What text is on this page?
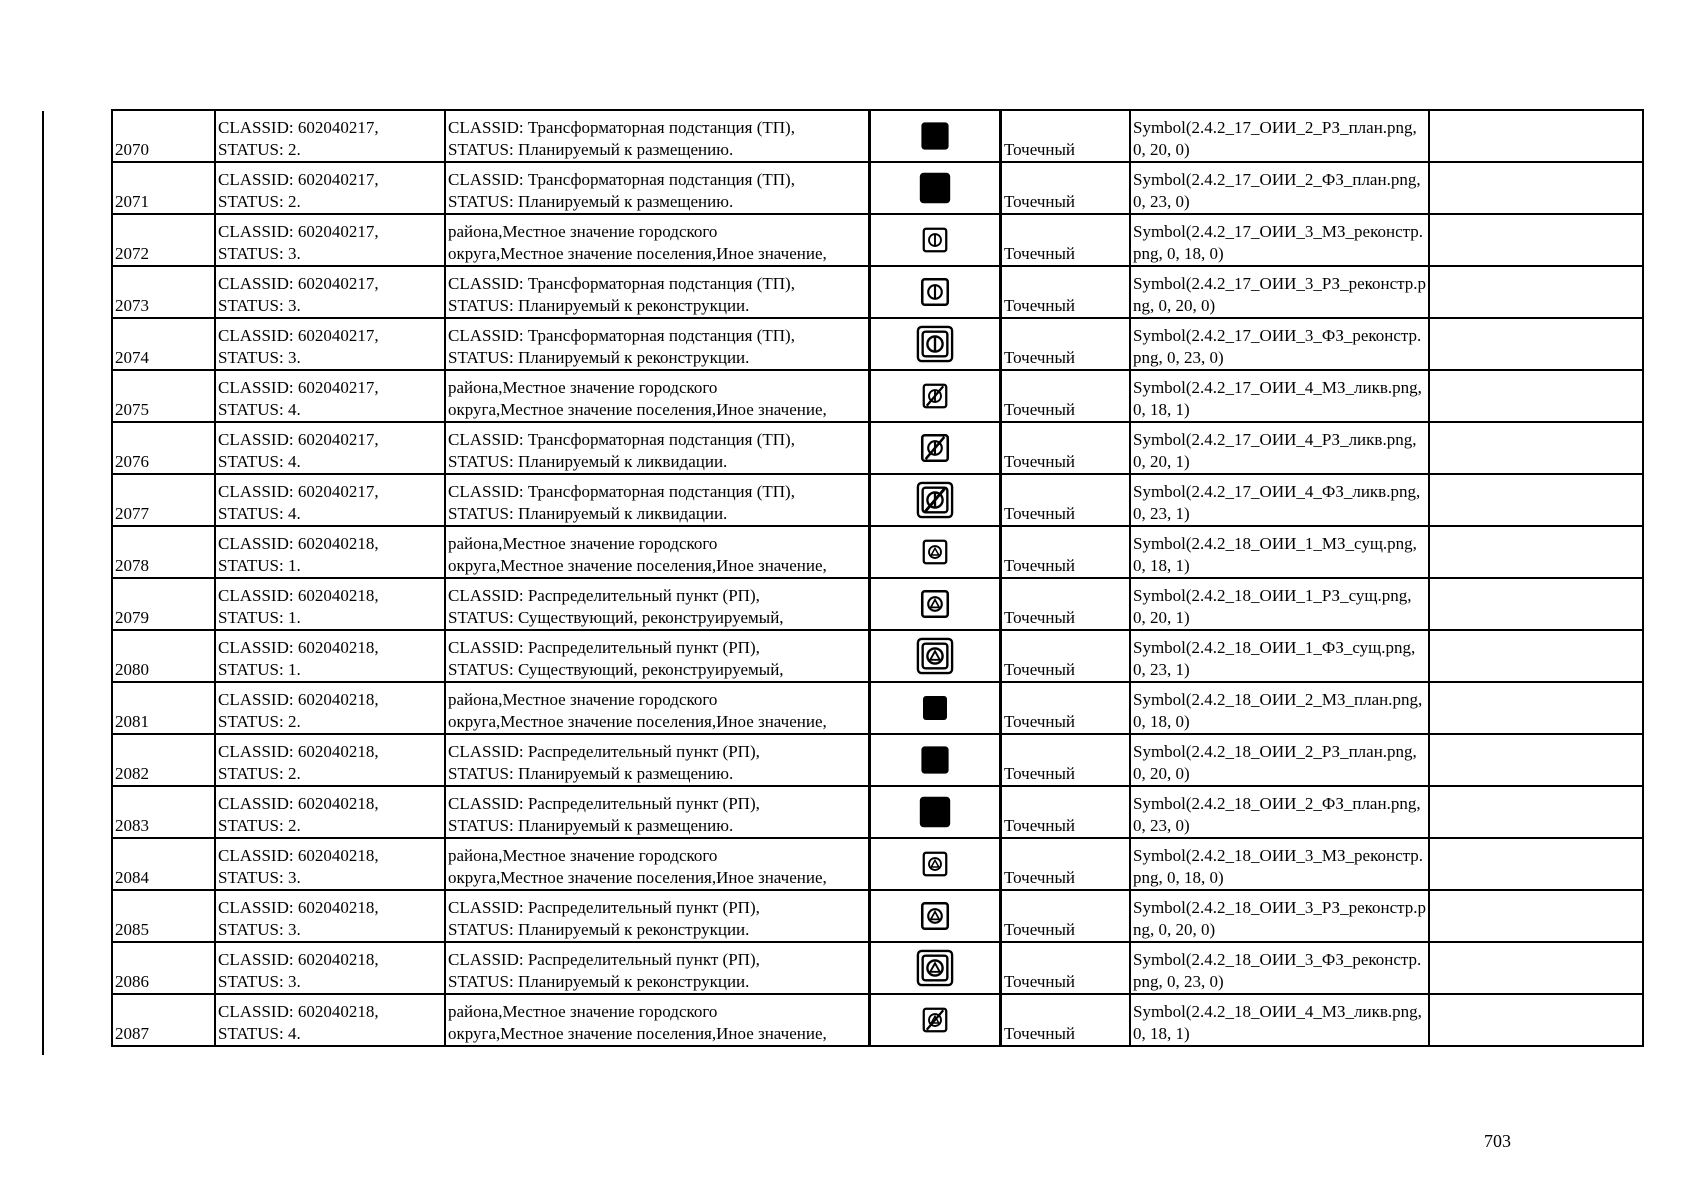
2070	CLASSID: 602040217,
STATUS: 2.	CLASSID: Трансформаторная подстанция (ТП),
STATUS: Планируемый к размещению.		Точечный	Symbol(2.4.2_17_ОИИ_2_РЗ_план.png, 0, 20, 0)	

2071	CLASSID: 602040217,
STATUS: 2.	CLASSID: Трансформаторная подстанция (ТП),
STATUS: Планируемый к размещению.		Точечный	Symbol(2.4.2_17_ОИИ_2_ФЗ_план.png, 0, 23, 0)	

2072	CLASSID: 602040217,
STATUS: 3.	района,Местное значение городского
округа,Местное значение поселения,Иное значение,		Точечный	Symbol(2.4.2_17_ОИИ_3_МЗ_реконстр.png, 0, 18, 0)	

2073	CLASSID: 602040217,
STATUS: 3.	CLASSID: Трансформаторная подстанция (ТП),
STATUS: Планируемый к реконструкции.		Точечный	Symbol(2.4.2_17_ОИИ_3_РЗ_реконстр.png, 0, 20, 0)	

2074	CLASSID: 602040217,
STATUS: 3.	CLASSID: Трансформаторная подстанция (ТП),
STATUS: Планируемый к реконструкции.		Точечный	Symbol(2.4.2_17_ОИИ_3_ФЗ_реконстр.png, 0, 23, 0)	

2075	CLASSID: 602040217,
STATUS: 4.	района,Местное значение городского
округа,Местное значение поселения,Иное значение,		Точечный	Symbol(2.4.2_17_ОИИ_4_МЗ_ликв.png, 0, 18, 1)	

2076	CLASSID: 602040217,
STATUS: 4.	CLASSID: Трансформаторная подстанция (ТП),
STATUS: Планируемый к ликвидации.		Точечный	Symbol(2.4.2_17_ОИИ_4_РЗ_ликв.png, 0, 20, 1)	

2077	CLASSID: 602040217,
STATUS: 4.	CLASSID: Трансформаторная подстанция (ТП),
STATUS: Планируемый к ликвидации.		Точечный	Symbol(2.4.2_17_ОИИ_4_ФЗ_ликв.png, 0, 23, 1)	

2078	CLASSID: 602040218,
STATUS: 1.	района,Местное значение городского
округа,Местное значение поселения,Иное значение,		Точечный	Symbol(2.4.2_18_ОИИ_1_МЗ_сущ.png, 0, 18, 1)	

2079	CLASSID: 602040218,
STATUS: 1.	CLASSID: Распределительный пункт (РП),
STATUS: Существующий, реконструируемый,		Точечный	Symbol(2.4.2_18_ОИИ_1_РЗ_сущ.png, 0, 20, 1)	

2080	CLASSID: 602040218,
STATUS: 1.	CLASSID: Распределительный пункт (РП),
STATUS: Существующий, реконструируемый,		Точечный	Symbol(2.4.2_18_ОИИ_1_ФЗ_сущ.png, 0, 23, 1)	

2081	CLASSID: 602040218,
STATUS: 2.	района,Местное значение городского
округа,Местное значение поселения,Иное значение,		Точечный	Symbol(2.4.2_18_ОИИ_2_МЗ_план.png, 0, 18, 0)	

2082	CLASSID: 602040218,
STATUS: 2.	CLASSID: Распределительный пункт (РП),
STATUS: Планируемый к размещению.		Точечный	Symbol(2.4.2_18_ОИИ_2_РЗ_план.png, 0, 20, 0)	

2083	CLASSID: 602040218,
STATUS: 2.	CLASSID: Распределительный пункт (РП),
STATUS: Планируемый к размещению.		Точечный	Symbol(2.4.2_18_ОИИ_2_ФЗ_план.png, 0, 23, 0)	

2084	CLASSID: 602040218,
STATUS: 3.	района,Местное значение городского
округа,Местное значение поселения,Иное значение,		Точечный	Symbol(2.4.2_18_ОИИ_3_МЗ_реконстр.png, 0, 18, 0)	

2085	CLASSID: 602040218,
STATUS: 3.	CLASSID: Распределительный пункт (РП),
STATUS: Планируемый к реконструкции.		Точечный	Symbol(2.4.2_18_ОИИ_3_РЗ_реконстр.png, 0, 20, 0)	

2086	CLASSID: 602040218,
STATUS: 3.	CLASSID: Распределительный пункт (РП),
STATUS: Планируемый к реконструкции.		Точечный	Symbol(2.4.2_18_ОИИ_3_ФЗ_реконстр.png, 0, 23, 0)	

2087	CLASSID: 602040218,
STATUS: 4.	района,Местное значение городского
округа,Местное значение поселения,Иное значение,		Точечный	Symbol(2.4.2_18_ОИИ_4_МЗ_ликв.png, 0, 18, 1)	
703
